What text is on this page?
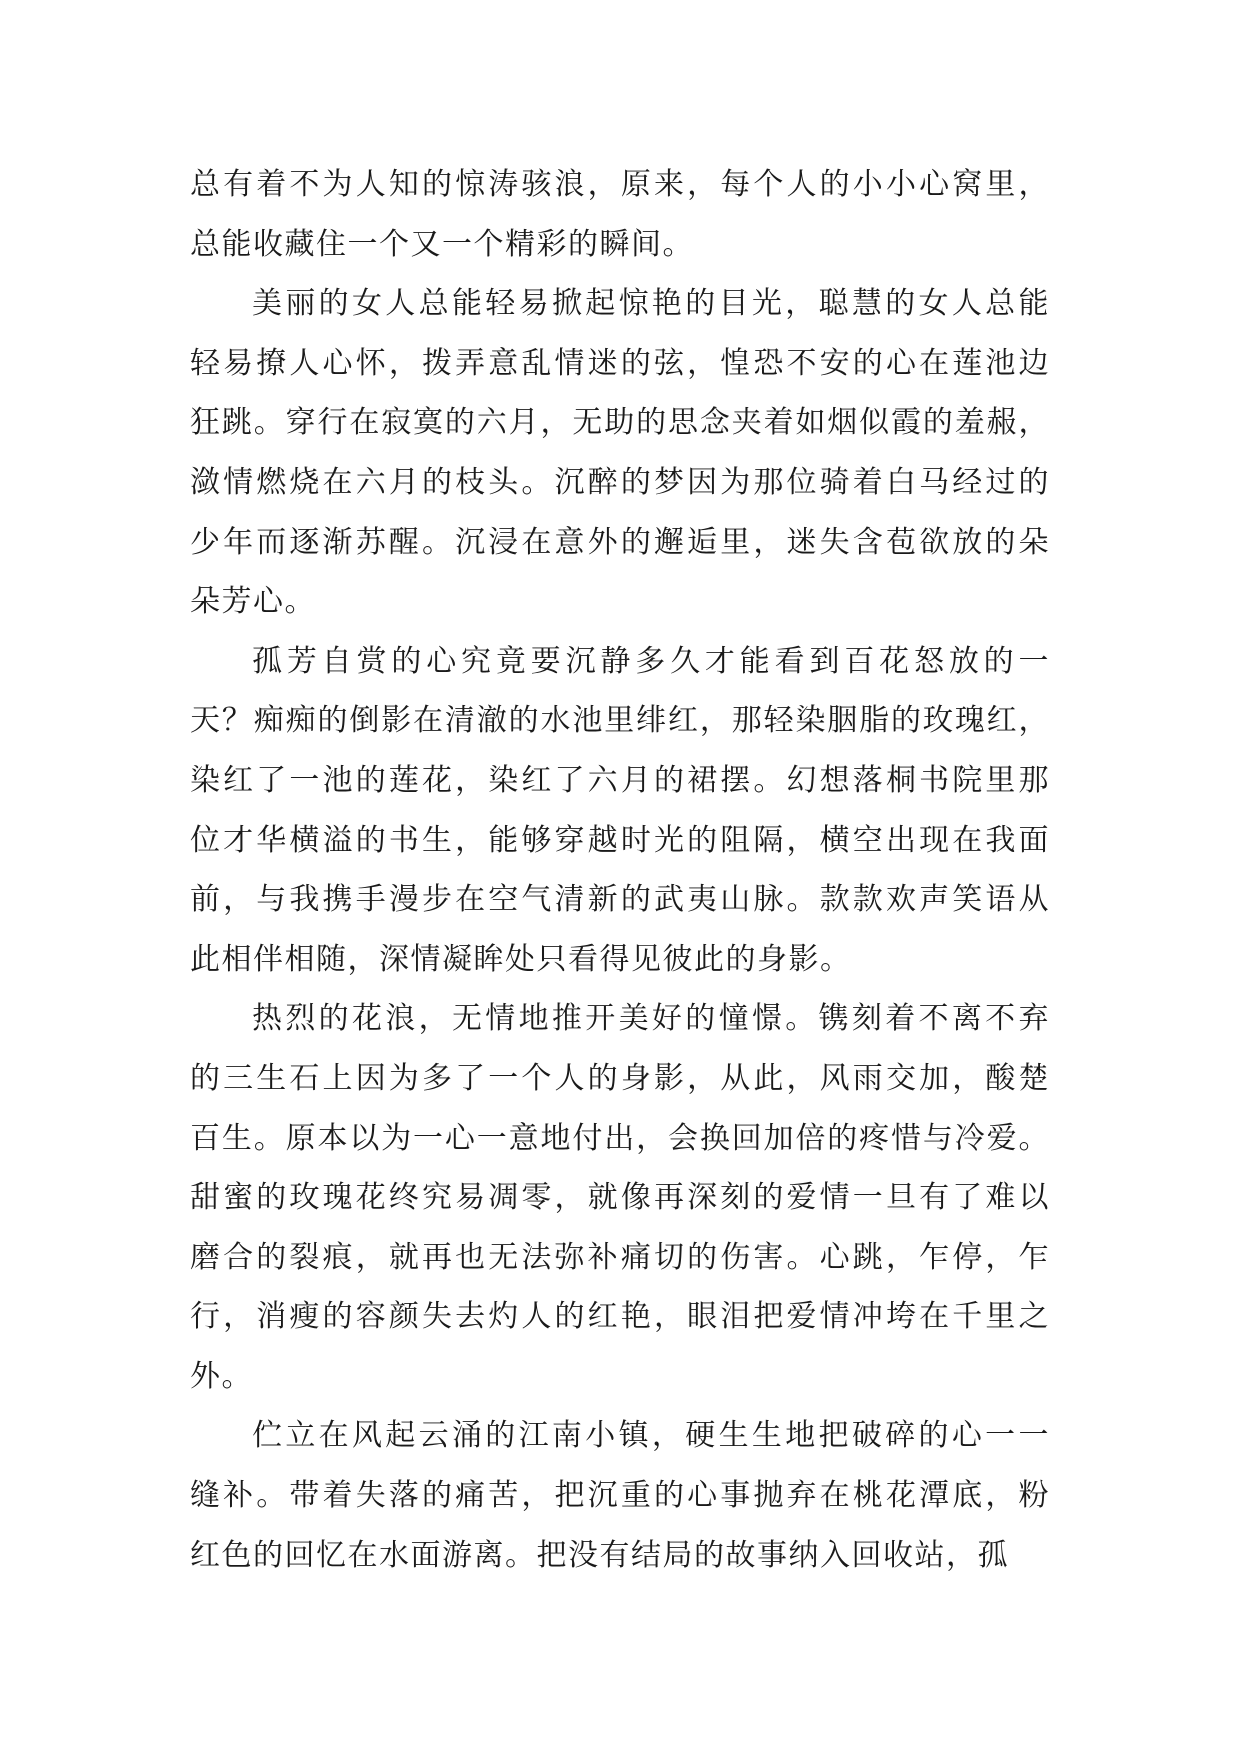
总有着不为人知的惊涛骇浪，原来，每个人的小小心窝里，
总能收藏住一个又一个精彩的瞬间。
美丽的女人总能轻易掀起惊艳的目光，聪慧的女人总能
轻易撩人心怀，拨弄意乱情迷的弦，惶恐不安的心在莲池边
狂跳。穿行在寂寞的六月，无助的思念夹着如烟似霞的羞赧，
潋情燃烧在六月的枝头。沉醉的梦因为那位骑着白马经过的
少年而逐渐苏醒。沉浸在意外的邂逅里，迷失含苞欲放的朵
朵芳心。
孤芳自赏的心究竟要沉静多久才能看到百花怒放的一
天？痴痴的倒影在清澈的水池里绯红，那轻染胭脂的玫瑰红，
染红了一池的莲花，染红了六月的裙摆。幻想落桐书院里那
位才华横溢的书生，能够穿越时光的阻隔，横空出现在我面
前，与我携手漫步在空气清新的武夷山脉。款款欢声笑语从
此相伴相随，深情凝眸处只看得见彼此的身影。
热烈的花浪，无情地推开美好的憧憬。镌刻着不离不弃
的三生石上因为多了一个人的身影，从此，风雨交加，酸楚
百生。原本以为一心一意地付出，会换回加倍的疼惜与冷爱。
甜蜜的玫瑰花终究易凋零，就像再深刻的爱情一旦有了难以
磨合的裂痕，就再也无法弥补痛切的伤害。心跳，乍停，乍
行，消瘦的容颜失去灼人的红艳，眼泪把爱情冲垮在千里之
外。
伫立在风起云涌的江南小镇，硬生生地把破碎的心一一
缝补。带着失落的痛苦，把沉重的心事抛弃在桃花潭底，粉
红色的回忆在水面游离。把没有结局的故事纳入回收站，孤
